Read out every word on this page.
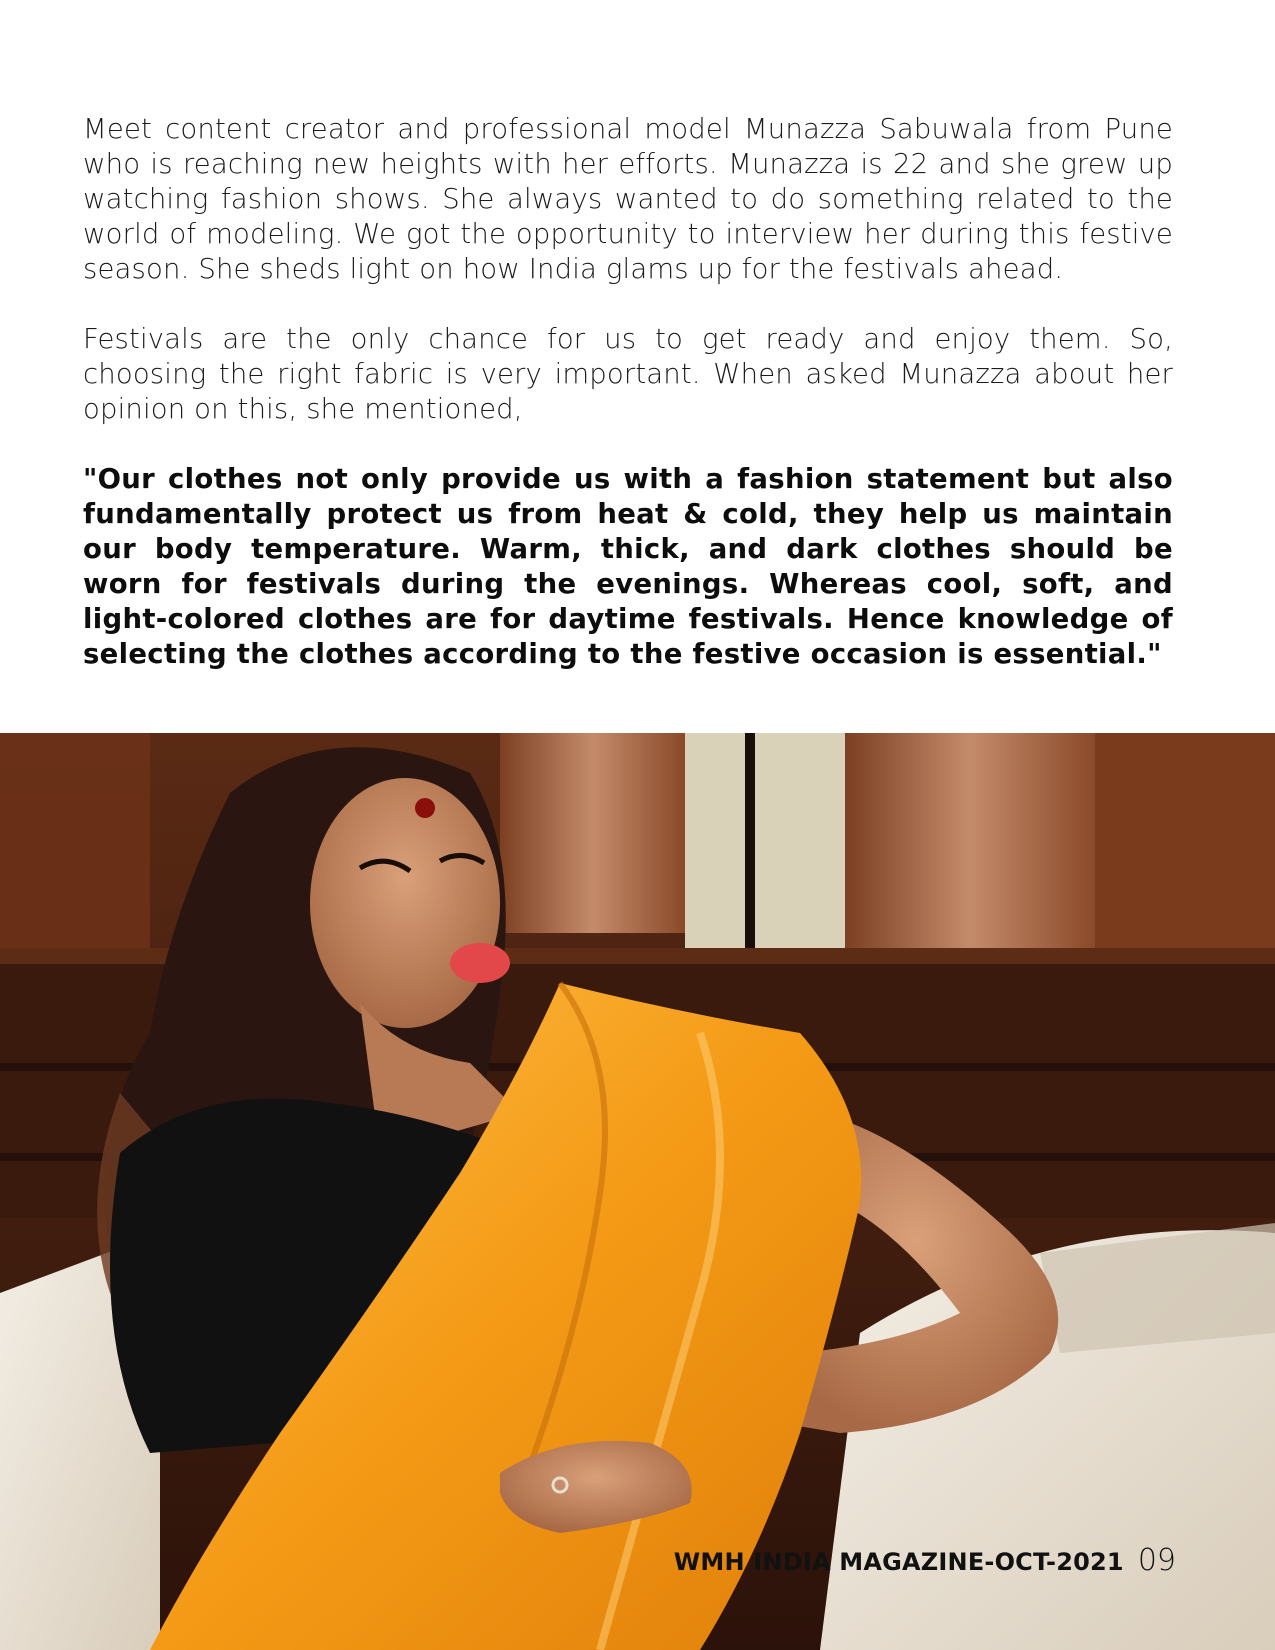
Meet content creator and professional model Munazza Sabuwala from Pune who is reaching new heights with her efforts. Munazza is 22 and she grew up watching fashion shows. She always wanted to do something related to the world of modeling. We got the opportunity to interview her during this festive season. She sheds light on how India glams up for the festivals ahead.

Festivals are the only chance for us to get ready and enjoy them. So, choosing the right fabric is very important. When asked Munazza about her opinion on this, she mentioned,

"Our clothes not only provide us with a fashion statement but also fundamentally protect us from heat & cold, they help us maintain our body temperature. Warm, thick, and dark clothes should be worn for festivals during the evenings. Whereas cool, soft, and light-colored clothes are for daytime festivals. Hence knowledge of selecting the clothes according to the festive occasion is essential."

WMH INDIA MAGAZINE-OCT-2021 09
